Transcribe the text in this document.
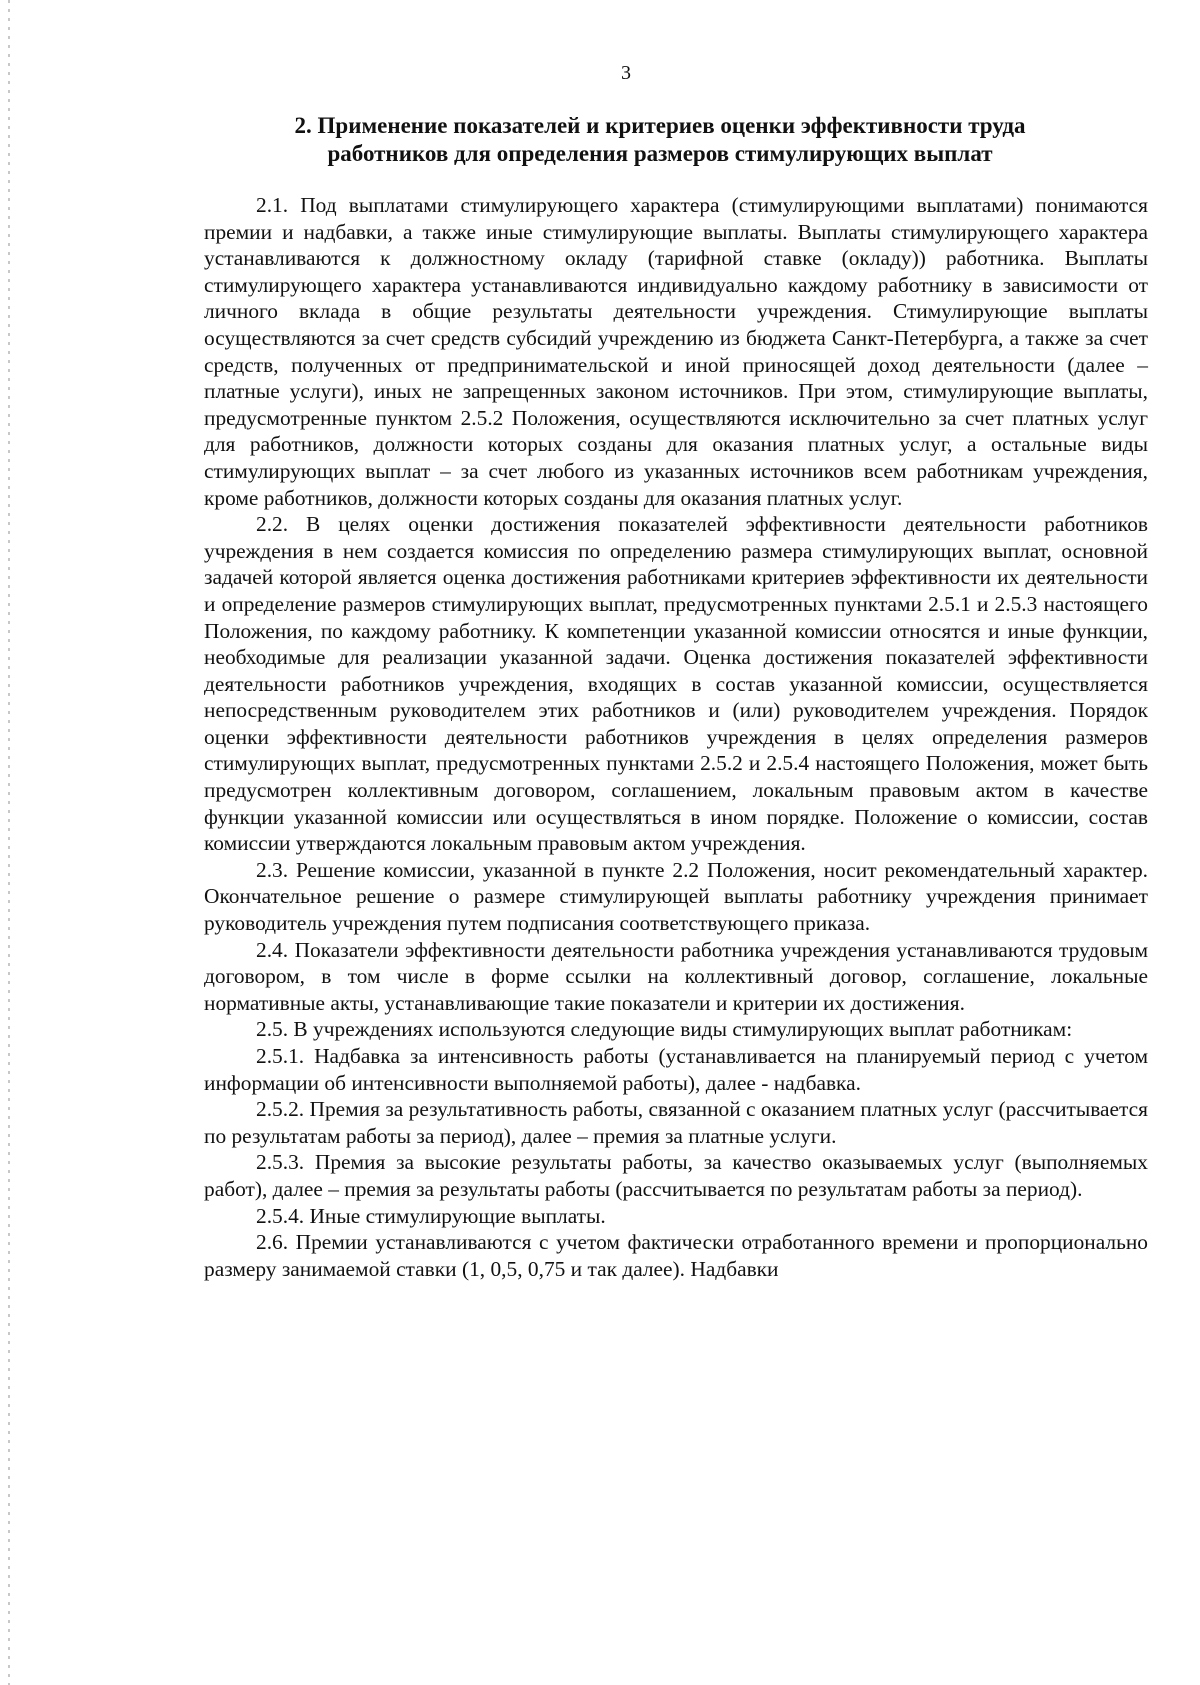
3
2. Применение показателей и критериев оценки эффективности труда
работников для определения размеров стимулирующих выплат

2.1. Под выплатами стимулирующего характера (стимулирующими выплатами) понимаются премии и надбавки, а также иные стимулирующие выплаты. Выплаты стимулирующего характера устанавливаются к должностному окладу (тарифной ставке (окладу)) работника. Выплаты стимулирующего характера устанавливаются индивидуально каждому работнику в зависимости от личного вклада в общие результаты деятельности учреждения. Стимулирующие выплаты осуществляются за счет средств субсидий учреждению из бюджета Санкт-Петербурга, а также за счет средств, полученных от предпринимательской и иной приносящей доход деятельности (далее – платные услуги), иных не запрещенных законом источников. При этом, стимулирующие выплаты, предусмотренные пунктом 2.5.2 Положения, осуществляются исключительно за счет платных услуг для работников, должности которых созданы для оказания платных услуг, а остальные виды стимулирующих выплат – за счет любого из указанных источников всем работникам учреждения, кроме работников, должности которых созданы для оказания платных услуг.

2.2. В целях оценки достижения показателей эффективности деятельности работников учреждения в нем создается комиссия по определению размера стимулирующих выплат, основной задачей которой является оценка достижения работниками критериев эффективности их деятельности и определение размеров стимулирующих выплат, предусмотренных пунктами 2.5.1 и 2.5.3 настоящего Положения, по каждому работнику. К компетенции указанной комиссии относятся и иные функции, необходимые для реализации указанной задачи. Оценка достижения показателей эффективности деятельности работников учреждения, входящих в состав указанной комиссии, осуществляется непосредственным руководителем этих работников и (или) руководителем учреждения. Порядок оценки эффективности деятельности работников учреждения в целях определения размеров стимулирующих выплат, предусмотренных пунктами 2.5.2 и 2.5.4 настоящего Положения, может быть предусмотрен коллективным договором, соглашением, локальным правовым актом в качестве функции указанной комиссии или осуществляться в ином порядке. Положение о комиссии, состав комиссии утверждаются локальным правовым актом учреждения.

2.3. Решение комиссии, указанной в пункте 2.2 Положения, носит рекомендательный характер. Окончательное решение о размере стимулирующей выплаты работнику учреждения принимает руководитель учреждения путем подписания соответствующего приказа.

2.4. Показатели эффективности деятельности работника учреждения устанавливаются трудовым договором, в том числе в форме ссылки на коллективный договор, соглашение, локальные нормативные акты, устанавливающие такие показатели и критерии их достижения.

2.5. В учреждениях используются следующие виды стимулирующих выплат работникам:

2.5.1. Надбавка за интенсивность работы (устанавливается на планируемый период с учетом информации об интенсивности выполняемой работы), далее - надбавка.

2.5.2. Премия за результативность работы, связанной с оказанием платных услуг (рассчитывается по результатам работы за период), далее – премия за платные услуги.

2.5.3. Премия за высокие результаты работы, за качество оказываемых услуг (выполняемых работ), далее – премия за результаты работы (рассчитывается по результатам работы за период).

2.5.4. Иные стимулирующие выплаты.

2.6. Премии устанавливаются с учетом фактически отработанного времени и пропорционально размеру занимаемой ставки (1, 0,5, 0,75 и так далее). Надбавки
